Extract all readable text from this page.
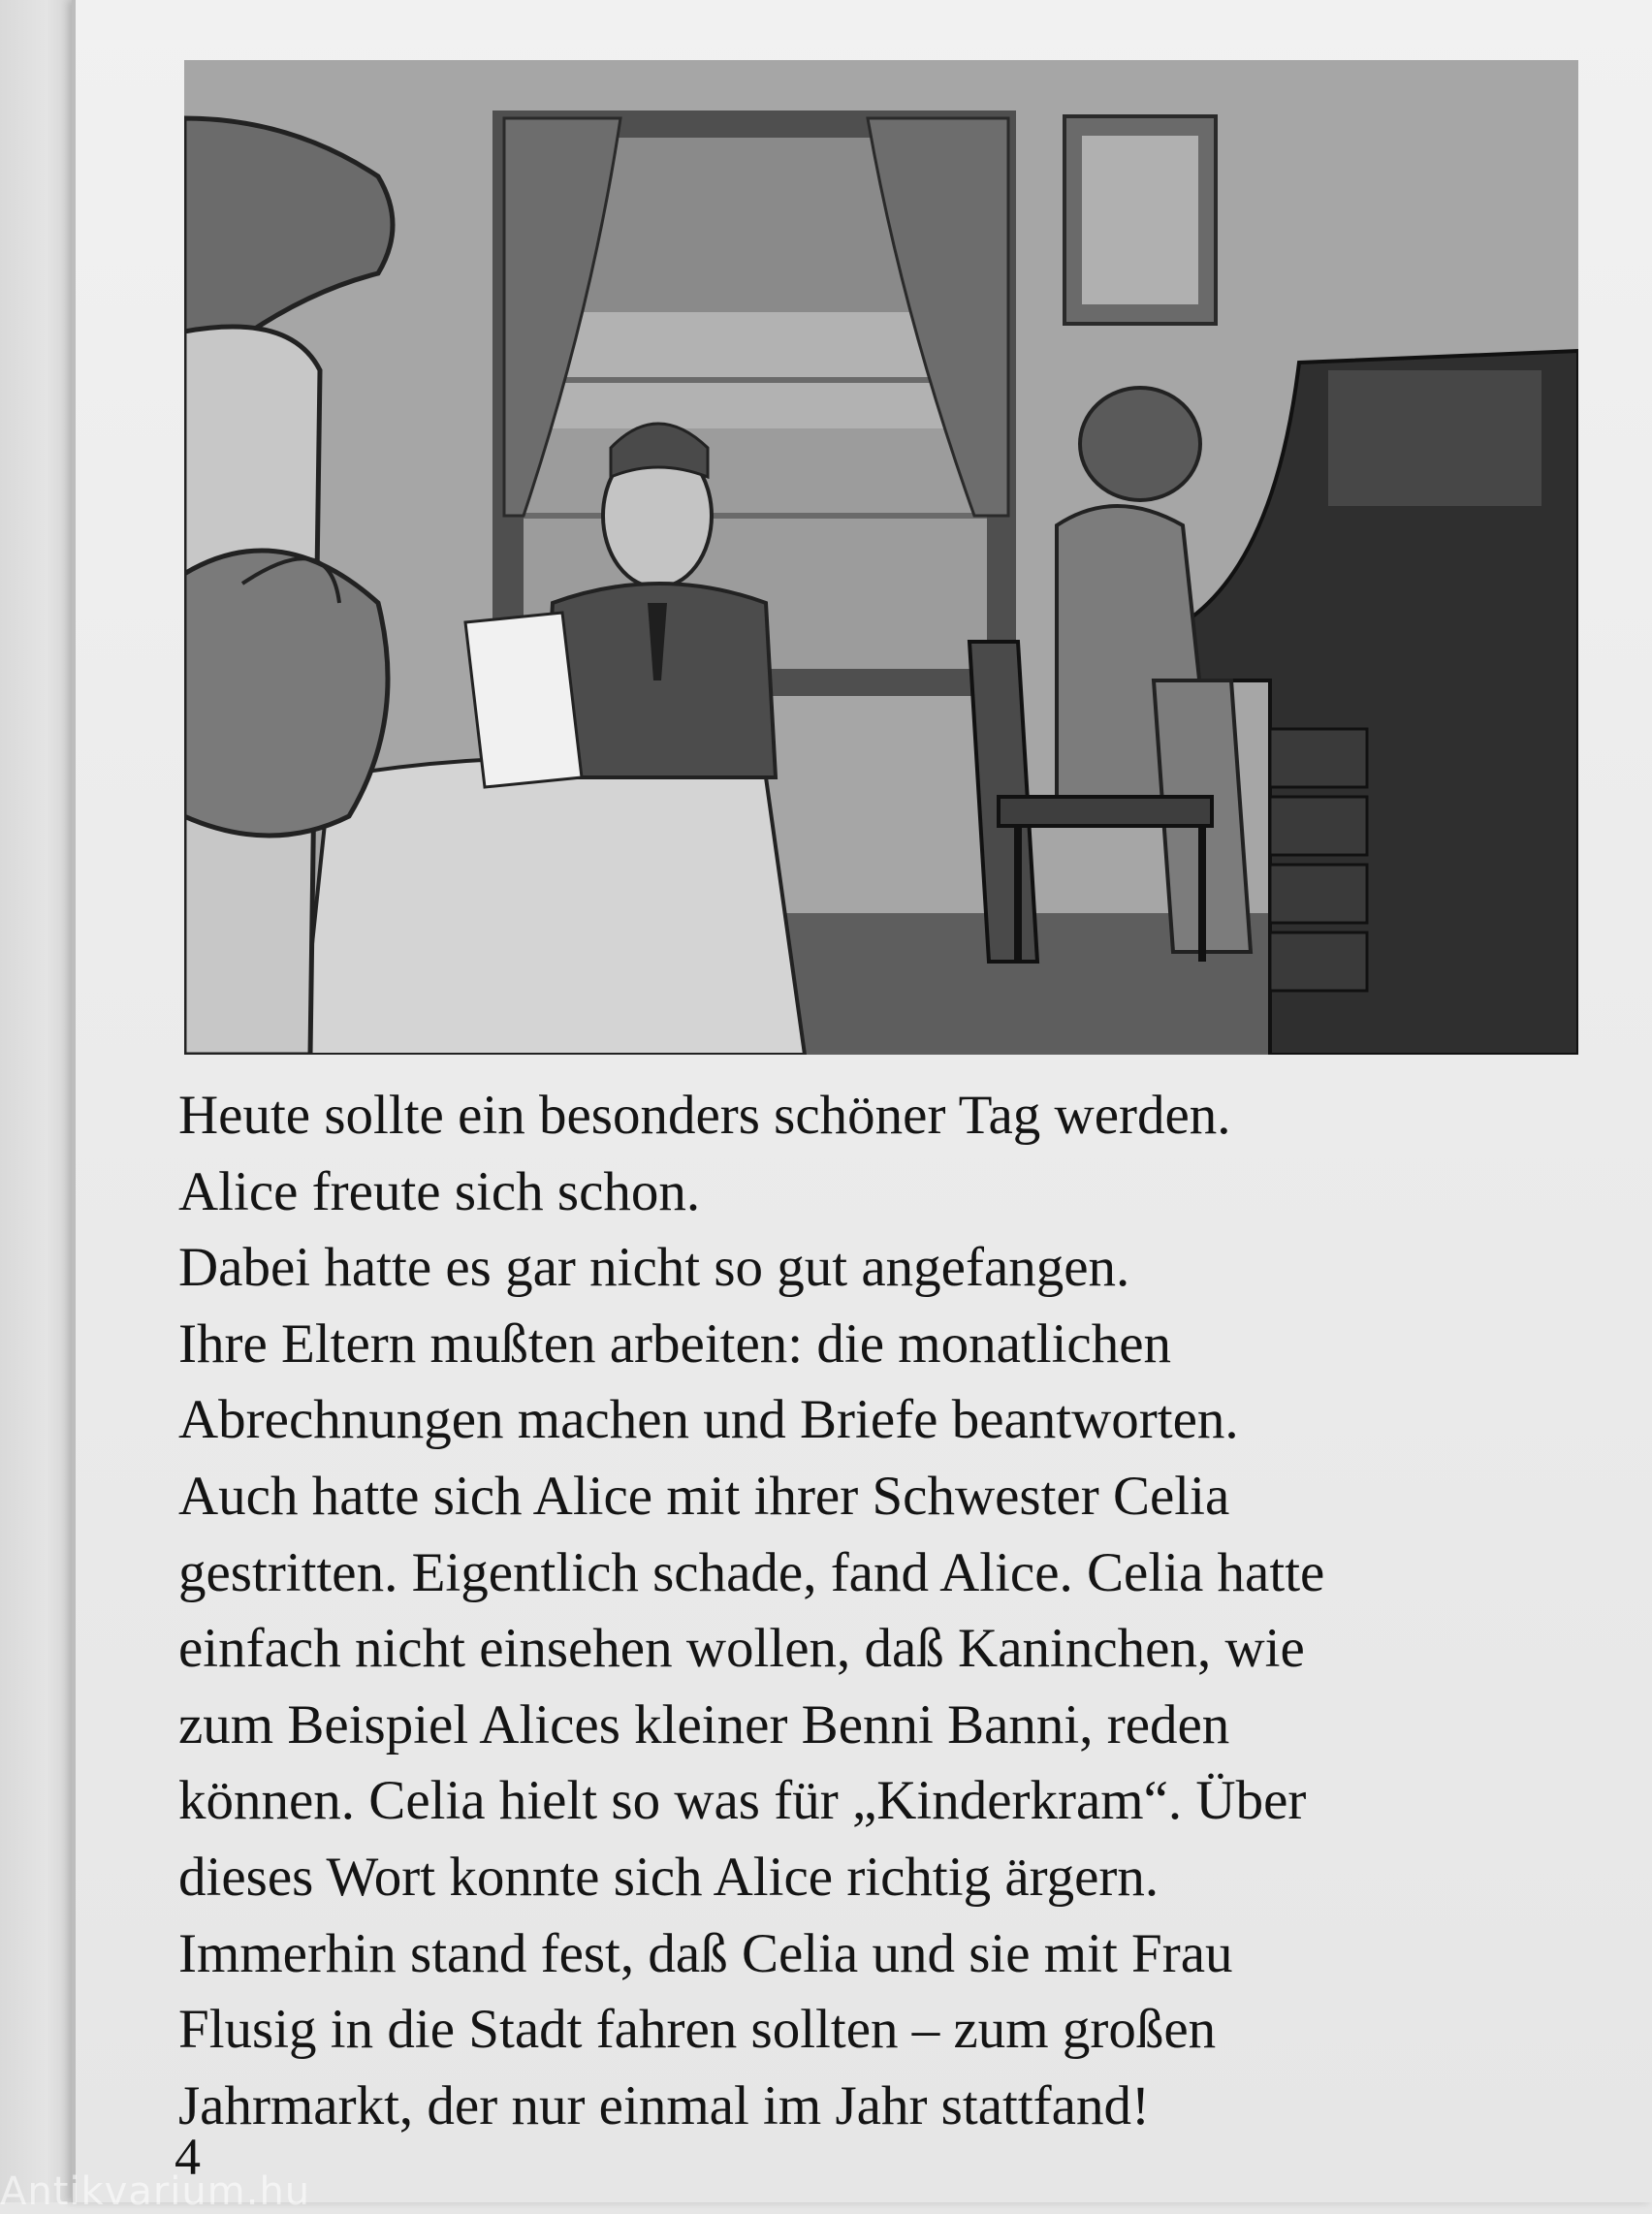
Heute sollte ein besonders schöner Tag werden.
Alice freute sich schon.
Dabei hatte es gar nicht so gut angefangen.
Ihre Eltern mußten arbeiten: die monatlichen
Abrechnungen machen und Briefe beantworten.
Auch hatte sich Alice mit ihrer Schwester Celia
gestritten. Eigentlich schade, fand Alice. Celia hatte
einfach nicht einsehen wollen, daß Kaninchen, wie
zum Beispiel Alices kleiner Benni Banni, reden
können. Celia hielt so was für „Kinderkram“. Über
dieses Wort konnte sich Alice richtig ärgern.
Immerhin stand fest, daß Celia und sie mit Frau
Flusig in die Stadt fahren sollten – zum großen
Jahrmarkt, der nur einmal im Jahr stattfand!
4
Antikvarium.hu
